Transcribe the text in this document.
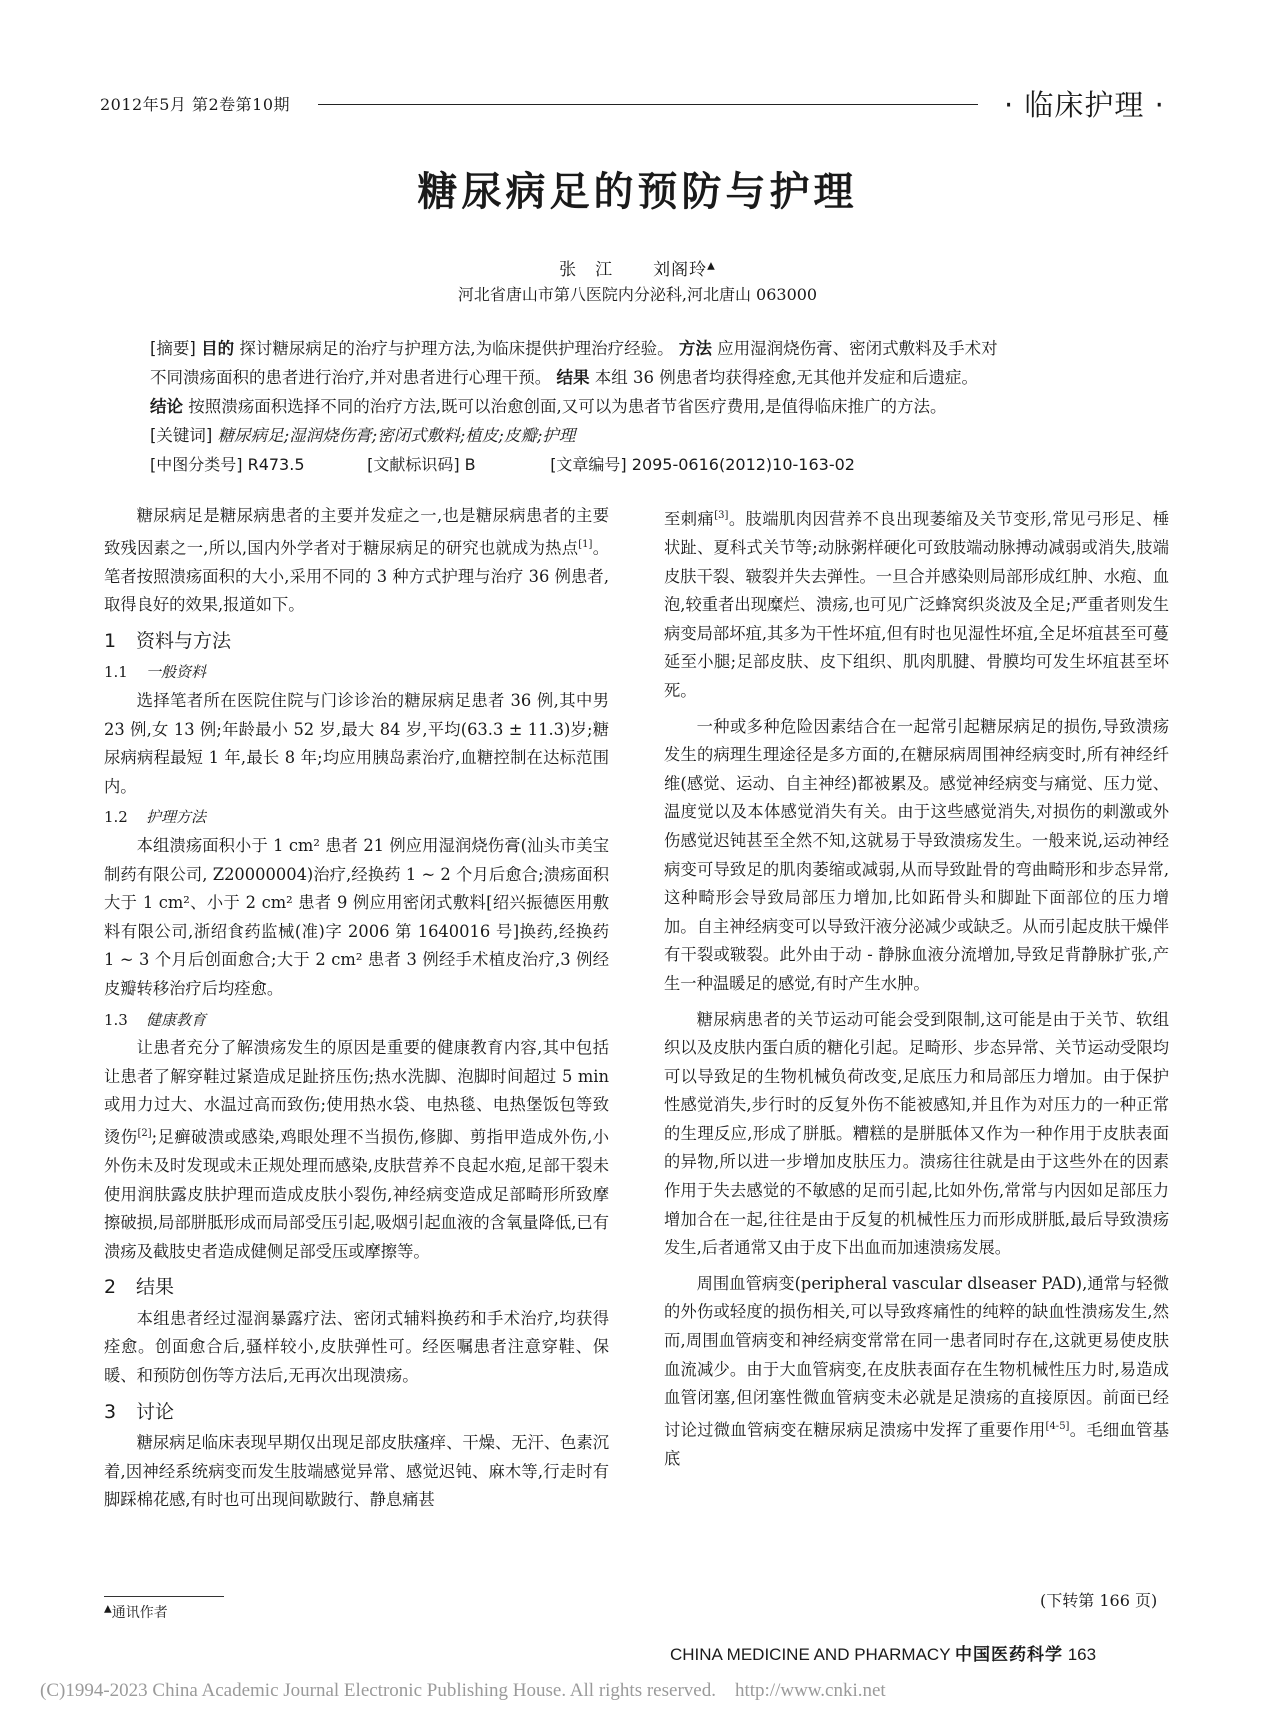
2012年5月 第2卷第10期	· 临床护理 ·
糖尿病足的预防与护理
张　江 刘阁玲▲
河北省唐山市第八医院内分泌科,河北唐山 063000
[摘要] 目的 探讨糖尿病足的治疗与护理方法,为临床提供护理治疗经验。 方法 应用湿润烧伤膏、密闭式敷料及手术对
不同溃疡面积的患者进行治疗,并对患者进行心理干预。 结果 本组 36 例患者均获得痊愈,无其他并发症和后遗症。
结论 按照溃疡面积选择不同的治疗方法,既可以治愈创面,又可以为患者节省医疗费用,是值得临床推广的方法。
[关键词] 糖尿病足;湿润烧伤膏;密闭式敷料;植皮;皮瓣;护理
[中图分类号] R473.5	[文献标识码] B	[文章编号] 2095-0616(2012)10-163-02

糖尿病足是糖尿病患者的主要并发症之一,也是糖尿病患者的主要致残因素之一,所以,国内外学者对于糖尿病足的研究也就成为热点[1]。笔者按照溃疡面积的大小,采用不同的 3 种方式护理与治疗 36 例患者,取得良好的效果,报道如下。

1 资料与方法
1.1 一般资料

选择笔者所在医院住院与门诊诊治的糖尿病足患者 36 例,其中男 23 例,女 13 例;年龄最小 52 岁,最大 84 岁,平均(63.3 ± 11.3)岁;糖尿病病程最短 1 年,最长 8 年;均应用胰岛素治疗,血糖控制在达标范围内。

1.2 护理方法

本组溃疡面积小于 1 cm² 患者 21 例应用湿润烧伤膏(汕头市美宝制药有限公司, Z20000004)治疗,经换药 1 ~ 2 个月后愈合;溃疡面积大于 1 cm²、小于 2 cm² 患者 9 例应用密闭式敷料[绍兴振德医用敷料有限公司,浙绍食药监械(准)字 2006 第 1640016 号]换药,经换药 1 ~ 3 个月后创面愈合;大于 2 cm² 患者 3 例经手术植皮治疗,3 例经皮瓣转移治疗后均痊愈。

1.3 健康教育

让患者充分了解溃疡发生的原因是重要的健康教育内容,其中包括让患者了解穿鞋过紧造成足趾挤压伤;热水洗脚、泡脚时间超过 5 min 或用力过大、水温过高而致伤;使用热水袋、电热毯、电热堡饭包等致烫伤[2];足癣破溃或感染,鸡眼处理不当损伤,修脚、剪指甲造成外伤,小外伤未及时发现或未正规处理而感染,皮肤营养不良起水疱,足部干裂未使用润肤露皮肤护理而造成皮肤小裂伤,神经病变造成足部畸形所致摩擦破损,局部胼胝形成而局部受压引起,吸烟引起血液的含氧量降低,已有溃疡及截肢史者造成健侧足部受压或摩擦等。

2 结果

本组患者经过湿润暴露疗法、密闭式辅料换药和手术治疗,均获得痊愈。创面愈合后,骚样较小,皮肤弹性可。经医嘱患者注意穿鞋、保暖、和预防创伤等方法后,无再次出现溃疡。

3 讨论

糖尿病足临床表现早期仅出现足部皮肤瘙痒、干燥、无汗、色素沉着,因神经系统病变而发生肢端感觉异常、感觉迟钝、麻木等,行走时有脚踩棉花感,有时也可出现间歇跛行、静息痛甚

至刺痛[3]。肢端肌肉因营养不良出现萎缩及关节变形,常见弓形足、棰状趾、夏科式关节等;动脉粥样硬化可致肢端动脉搏动减弱或消失,肢端皮肤干裂、皲裂并失去弹性。一旦合并感染则局部形成红肿、水疱、血泡,较重者出现糜烂、溃疡,也可见广泛蜂窝织炎波及全足;严重者则发生病变局部坏疽,其多为干性坏疽,但有时也见湿性坏疽,全足坏疽甚至可蔓延至小腿;足部皮肤、皮下组织、肌肉肌腱、骨膜均可发生坏疽甚至坏死。

一种或多种危险因素结合在一起常引起糖尿病足的损伤,导致溃疡发生的病理生理途径是多方面的,在糖尿病周围神经病变时,所有神经纤维(感觉、运动、自主神经)都被累及。感觉神经病变与痛觉、压力觉、温度觉以及本体感觉消失有关。由于这些感觉消失,对损伤的刺激或外伤感觉迟钝甚至全然不知,这就易于导致溃疡发生。一般来说,运动神经病变可导致足的肌肉萎缩或减弱,从而导致趾骨的弯曲畸形和步态异常,这种畸形会导致局部压力增加,比如跖骨头和脚趾下面部位的压力增加。自主神经病变可以导致汗液分泌减少或缺乏。从而引起皮肤干燥伴有干裂或皲裂。此外由于动 - 静脉血液分流增加,导致足背静脉扩张,产生一种温暖足的感觉,有时产生水肿。

糖尿病患者的关节运动可能会受到限制,这可能是由于关节、软组织以及皮肤内蛋白质的糖化引起。足畸形、步态异常、关节运动受限均可以导致足的生物机械负荷改变,足底压力和局部压力增加。由于保护性感觉消失,步行时的反复外伤不能被感知,并且作为对压力的一种正常的生理反应,形成了胼胝。糟糕的是胼胝体又作为一种作用于皮肤表面的异物,所以进一步增加皮肤压力。溃疡往往就是由于这些外在的因素作用于失去感觉的不敏感的足而引起,比如外伤,常常与内因如足部压力增加合在一起,往往是由于反复的机械性压力而形成胼胝,最后导致溃疡发生,后者通常又由于皮下出血而加速溃疡发展。

周围血管病变(peripheral vascular dlseaser PAD),通常与轻微的外伤或轻度的损伤相关,可以导致疼痛性的纯粹的缺血性溃疡发生,然而,周围血管病变和神经病变常常在同一患者同时存在,这就更易使皮肤血流减少。由于大血管病变,在皮肤表面存在生物机械性压力时,易造成血管闭塞,但闭塞性微血管病变未必就是足溃疡的直接原因。前面已经讨论过微血管病变在糖尿病足溃疡中发挥了重要作用[4-5]。毛细血管基底

(下转第 166 页)
▲通讯作者
CHINA MEDICINE AND PHARMACY 中国医药科学 163
(C)1994-2023 China Academic Journal Electronic Publishing House. All rights reserved.    http://www.cnki.net
